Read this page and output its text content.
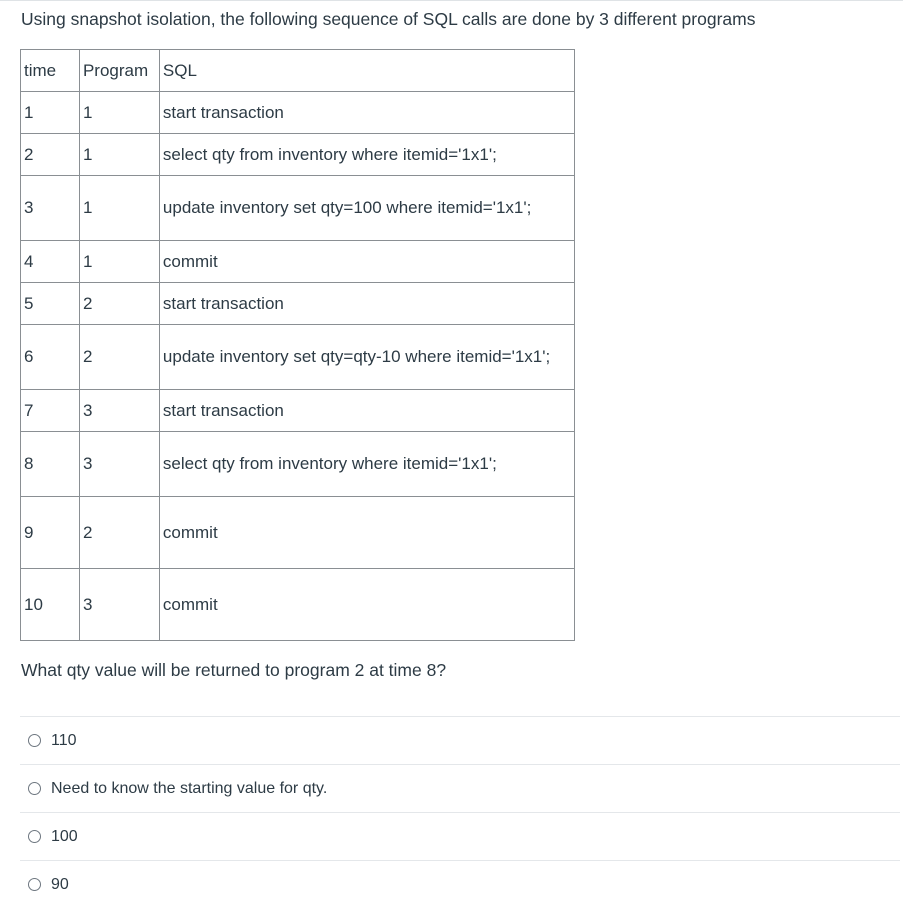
Using snapshot isolation, the following sequence of SQL calls are done by 3 different programs

time	Program	SQL
1	1	start transaction
2	1	select qty from inventory where itemid='1x1';
3	1	update inventory set qty=100 where itemid='1x1';
4	1	commit
5	2	start transaction
6	2	update inventory set qty=qty-10 where itemid='1x1';
7	3	start transaction
8	3	select qty from inventory where itemid='1x1';
9	2	commit
10	3	commit

What qty value will be returned to program 2 at time 8?

110
Need to know the starting value for qty.
100
90
